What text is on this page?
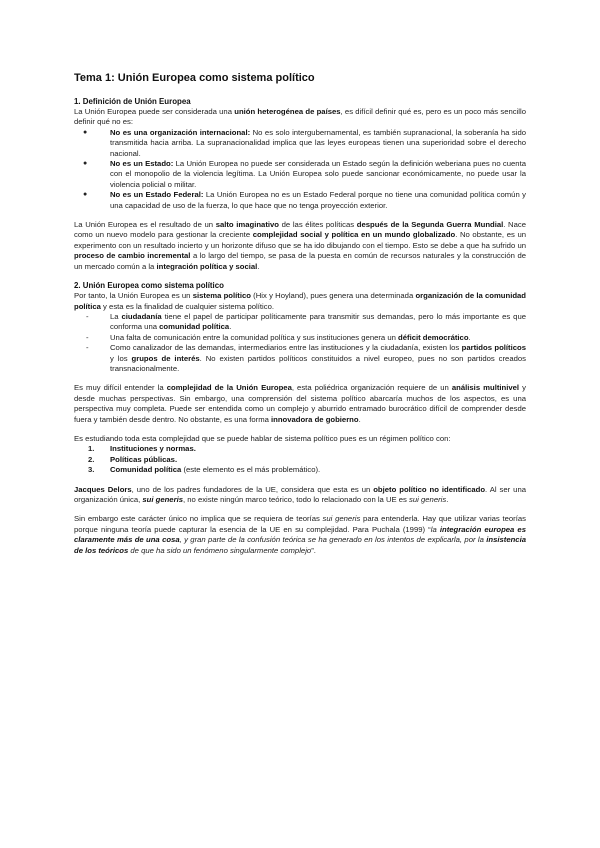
Tema 1: Unión Europea como sistema político
1. Definición de Unión Europea

La Unión Europea puede ser considerada una unión heterogénea de países, es difícil definir qué es, pero es un poco más sencillo definir qué no es:

● No es una organización internacional: No es solo intergubernamental, es también supranacional, la soberanía ha sido transmitida hacia arriba. La supranacionalidad implica que las leyes europeas tienen una superioridad sobre el derecho nacional.
● No es un Estado: La Unión Europea no puede ser considerada un Estado según la definición weberiana pues no cuenta con el monopolio de la violencia legítima. La Unión Europea solo puede sancionar económicamente, no puede usar la violencia policial o militar.
● No es un Estado Federal: La Unión Europea no es un Estado Federal porque no tiene una comunidad política común y una capacidad de uso de la fuerza, lo que hace que no tenga proyección exterior.

La Unión Europea es el resultado de un salto imaginativo de las élites políticas después de la Segunda Guerra Mundial. Nace como un nuevo modelo para gestionar la creciente complejidad social y política en un mundo globalizado. No obstante, es un experimento con un resultado incierto y un horizonte difuso que se ha ido dibujando con el tiempo. Esto se debe a que ha sufrido un proceso de cambio incremental a lo largo del tiempo, se pasa de la puesta en común de recursos naturales y la construcción de un mercado común a la integración política y social.

2. Unión Europea como sistema político

Por tanto, la Unión Europea es un sistema político (Hix y Hoyland), pues genera una determinada organización de la comunidad política y esta es la finalidad de cualquier sistema político.

- La ciudadanía tiene el papel de participar políticamente para transmitir sus demandas, pero lo más importante es que conforma una comunidad política.
- Una falta de comunicación entre la comunidad política y sus instituciones genera un déficit democrático.
- Como canalizador de las demandas, intermediarios entre las instituciones y la ciudadanía, existen los partidos políticos y los grupos de interés. No existen partidos políticos constituidos a nivel europeo, pues no son partidos creados transnacionalmente.

Es muy difícil entender la complejidad de la Unión Europea, esta poliédrica organización requiere de un análisis multinivel y desde muchas perspectivas. Sin embargo, una comprensión del sistema político abarcaría muchos de los aspectos, es una perspectiva muy completa. Puede ser entendida como un complejo y aburrido entramado burocrático difícil de comprender desde fuera y también desde dentro. No obstante, es una forma innovadora de gobierno.

Es estudiando toda esta complejidad que se puede hablar de sistema político pues es un régimen político con:

1. Instituciones y normas.
2. Políticas públicas.
3. Comunidad política (este elemento es el más problemático).

Jacques Delors, uno de los padres fundadores de la UE, considera que esta es un objeto político no identificado. Al ser una organización única, sui generis, no existe ningún marco teórico, todo lo relacionado con la UE es sui generis.

Sin embargo este carácter único no implica que se requiera de teorías sui generis para entenderla. Hay que utilizar varias teorías porque ninguna teoría puede capturar la esencia de la UE en su complejidad. Para Puchala (1999) “la integración europea es claramente más de una cosa, y gran parte de la confusión teórica se ha generado en los intentos de explicarla, por la insistencia de los teóricos de que ha sido un fenómeno singularmente complejo”.
